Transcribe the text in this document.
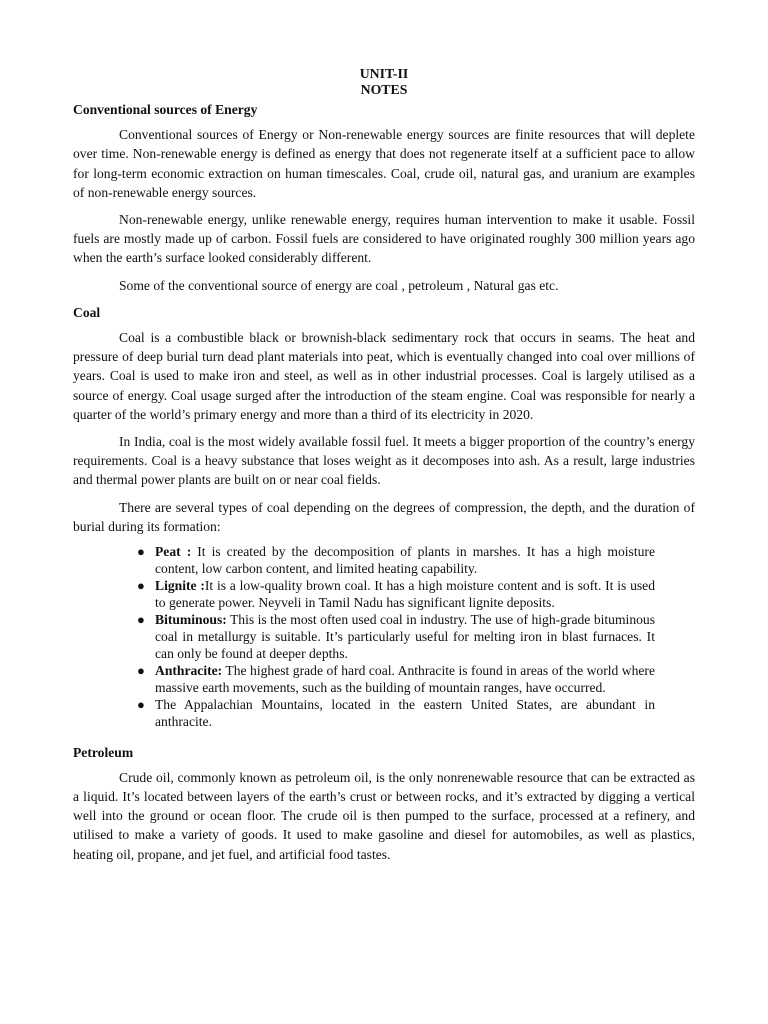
UNIT-II
NOTES
Conventional sources of Energy

Conventional sources of Energy or Non-renewable energy sources are finite resources that will deplete over time. Non-renewable energy is defined as energy that does not regenerate itself at a sufficient pace to allow for long-term economic extraction on human timescales. Coal, crude oil, natural gas, and uranium are examples of non-renewable energy sources.

Non-renewable energy, unlike renewable energy, requires human intervention to make it usable. Fossil fuels are mostly made up of carbon. Fossil fuels are considered to have originated roughly 300 million years ago when the earth’s surface looked considerably different.

Some of the conventional source of energy are coal , petroleum , Natural gas etc.

Coal

Coal is a combustible black or brownish-black sedimentary rock that occurs in seams. The heat and pressure of deep burial turn dead plant materials into peat, which is eventually changed into coal over millions of years. Coal is used to make iron and steel, as well as in other industrial processes. Coal is largely utilised as a source of energy. Coal usage surged after the introduction of the steam engine. Coal was responsible for nearly a quarter of the world’s primary energy and more than a third of its electricity in 2020.

In India, coal is the most widely available fossil fuel. It meets a bigger proportion of the country’s energy requirements. Coal is a heavy substance that loses weight as it decomposes into ash. As a result, large industries and thermal power plants are built on or near coal fields.

There are several types of coal depending on the degrees of compression, the depth, and the duration of burial during its formation:

● Peat : It is created by the decomposition of plants in marshes. It has a high moisture content, low carbon content, and limited heating capability.
● Lignite :It is a low-quality brown coal. It has a high moisture content and is soft. It is used to generate power. Neyveli in Tamil Nadu has significant lignite deposits.
● Bituminous: This is the most often used coal in industry. The use of high-grade bituminous coal in metallurgy is suitable. It’s particularly useful for melting iron in blast furnaces. It can only be found at deeper depths.
● Anthracite: The highest grade of hard coal. Anthracite is found in areas of the world where massive earth movements, such as the building of mountain ranges, have occurred.
● The Appalachian Mountains, located in the eastern United States, are abundant in anthracite.
Petroleum

Crude oil, commonly known as petroleum oil, is the only nonrenewable resource that can be extracted as a liquid. It’s located between layers of the earth’s crust or between rocks, and it’s extracted by digging a vertical well into the ground or ocean floor. The crude oil is then pumped to the surface, processed at a refinery, and utilised to make a variety of goods. It used to make gasoline and diesel for automobiles, as well as plastics, heating oil, propane, and jet fuel, and artificial food tastes.
